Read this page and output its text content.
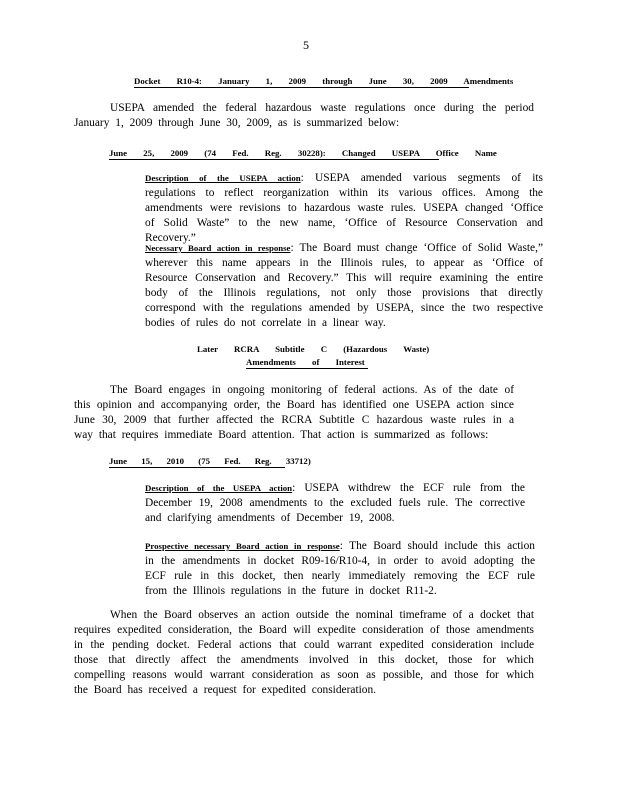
5
Docket R10-4: January 1, 2009 through June 30, 2009 Amendments
USEPA amended the federal hazardous waste regulations once during the period January 1, 2009 through June 30, 2009, as is summarized below:
June 25, 2009 (74 Fed. Reg. 30228): Changed USEPA Office Name
Description of the USEPA action: USEPA amended various segments of its regulations to reflect reorganization within its various offices. Among the amendments were revisions to hazardous waste rules. USEPA changed ‘Office of Solid Waste” to the new name, ‘Office of Resource Conservation and Recovery.”
Necessary Board action in response: The Board must change ‘Office of Solid Waste,” wherever this name appears in the Illinois rules, to appear as ‘Office of Resource Conservation and Recovery.” This will require examining the entire body of the Illinois regulations, not only those provisions that directly correspond with the regulations amended by USEPA, since the two respective bodies of rules do not correlate in a linear way.
Later RCRA Subtitle C (Hazardous Waste)
Amendments of Interest
The Board engages in ongoing monitoring of federal actions. As of the date of this opinion and accompanying order, the Board has identified one USEPA action since June 30, 2009 that further affected the RCRA Subtitle C hazardous waste rules in a way that requires immediate Board attention. That action is summarized as follows:
June 15, 2010 (75 Fed. Reg. 33712)
Description of the USEPA action: USEPA withdrew the ECF rule from the December 19, 2008 amendments to the excluded fuels rule. The corrective and clarifying amendments of December 19, 2008.
Prospective necessary Board action in response: The Board should include this action in the amendments in docket R09-16/R10-4, in order to avoid adopting the ECF rule in this docket, then nearly immediately removing the ECF rule from the Illinois regulations in the future in docket R11-2.
When the Board observes an action outside the nominal timeframe of a docket that requires expedited consideration, the Board will expedite consideration of those amendments in the pending docket. Federal actions that could warrant expedited consideration include those that directly affect the amendments involved in this docket, those for which compelling reasons would warrant consideration as soon as possible, and those for which the Board has received a request for expedited consideration.
